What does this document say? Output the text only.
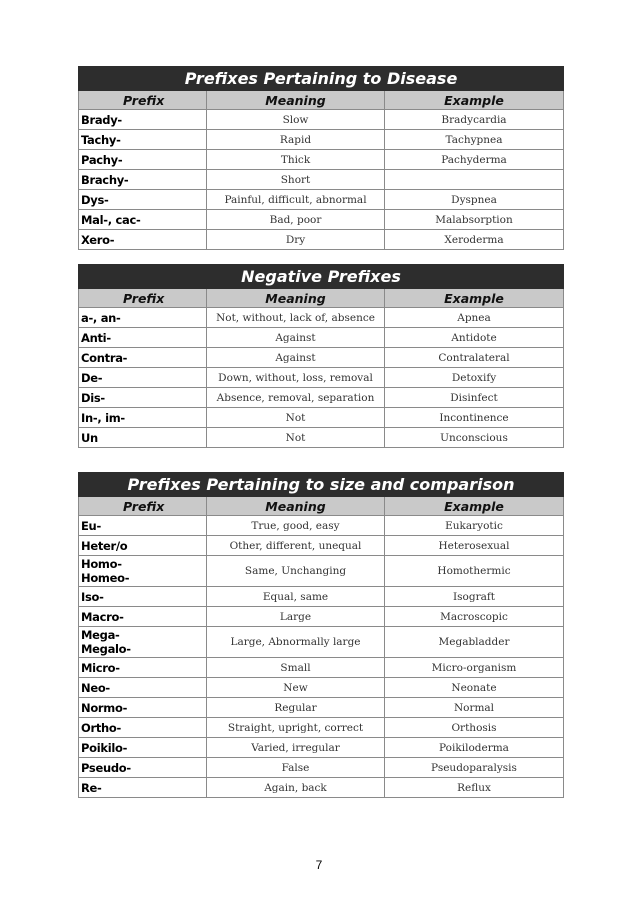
Prefixes Pertaining to Disease		
Prefix	Meaning	Example

Brady-	Slow	Bradycardia

Tachy-	Rapid	Tachypnea

Pachy-	Thick	Pachyderma

Brachy-	Short	

Dys-	Painful, difficult, abnormal	Dyspnea

Mal-, cac-	Bad, poor	Malabsorption

Xero-	Dry	Xeroderma
Negative Prefixes		
Prefix	Meaning	Example

a-, an-	Not, without, lack of, absence	Apnea

Anti-	Against	Antidote

Contra-	Against	Contralateral

De-	Down, without, loss, removal	Detoxify

Dis-	Absence, removal, separation	Disinfect

In-, im-	Not	Incontinence

Un	Not	Unconscious
Prefixes Pertaining to size and comparison		
Prefix	Meaning	Example

Eu-	True, good, easy	Eukaryotic

Heter/o	Other, different, unequal	Heterosexual

Homo-
Homeo-	Same, Unchanging	Homothermic

Iso-	Equal, same	Isograft

Macro-	Large	Macroscopic

Mega-
Megalo-	Large, Abnormally large	Megabladder

Micro-	Small	Micro-organism

Neo-	New	Neonate

Normo-	Regular	Normal

Ortho-	Straight, upright, correct	Orthosis

Poikilo-	Varied, irregular	Poikiloderma

Pseudo-	False	Pseudoparalysis

Re-	Again, back	Reflux
7
